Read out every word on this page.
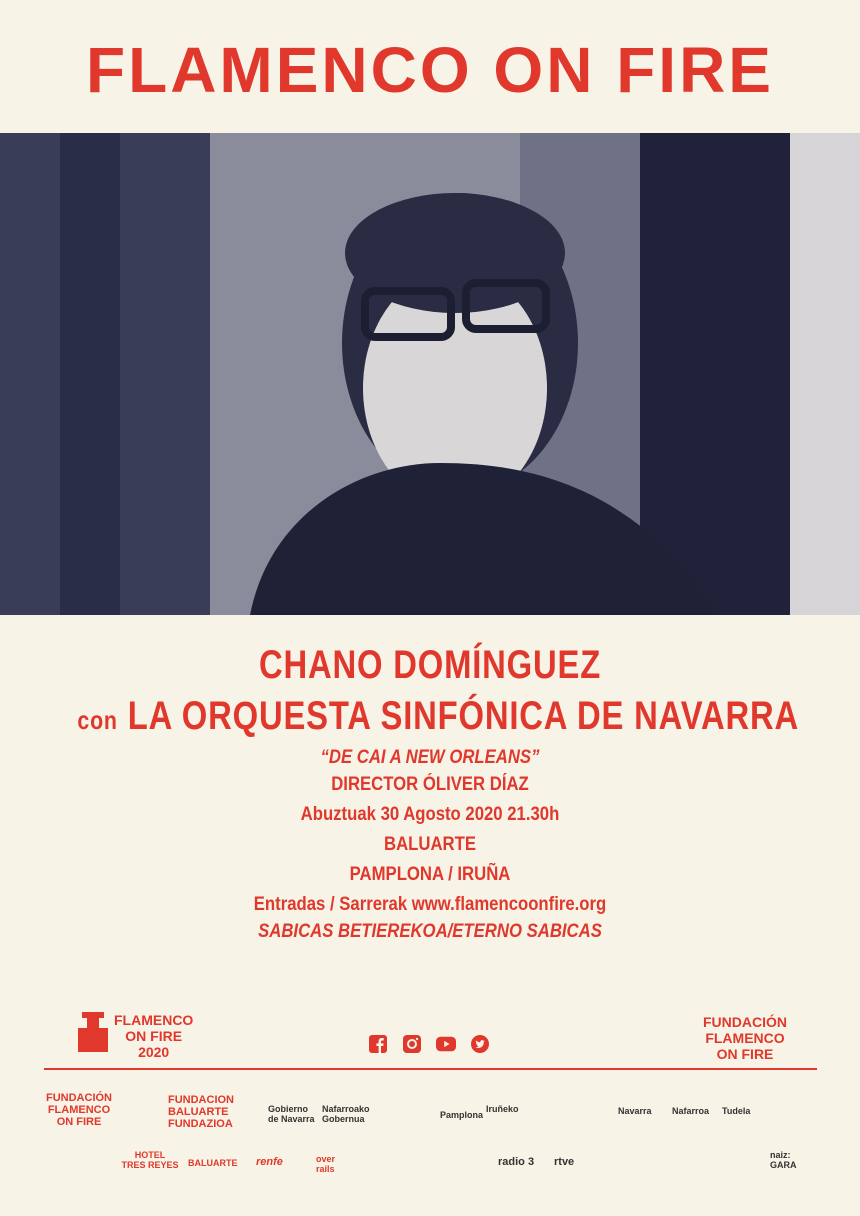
FLAMENCO ON FIRE
CHANO DOMÍNGUEZ
con LA ORQUESTA SINFÓNICA DE NAVARRA
“DE CAI A NEW ORLEANS”
DIRECTOR ÓLIVER DÍAZ
Abuztuak 30 Agosto 2020 21.30h
BALUARTE
PAMPLONA / IRUÑA
Entradas / Sarrerak www.flamencoonfire.org
SABICAS BETIEREKOA/ETERNO SABICAS
FLAMENCO
ON FIRE
2020
FUNDACIÓN
FLAMENCO
ON FIRE
FUNDACIÓN
FLAMENCO
ON FIRE
FUNDACION
BALUARTE
FUNDAZIOA
Gobierno
de Navarra
Nafarroako
Gobernua	Pamplona
Iruñeko	Navarra Nafarroa Tudela
HOTEL
TRES REYES BALUARTE renfe	over
rails
radio 3 rtve
naiz:
GARA
